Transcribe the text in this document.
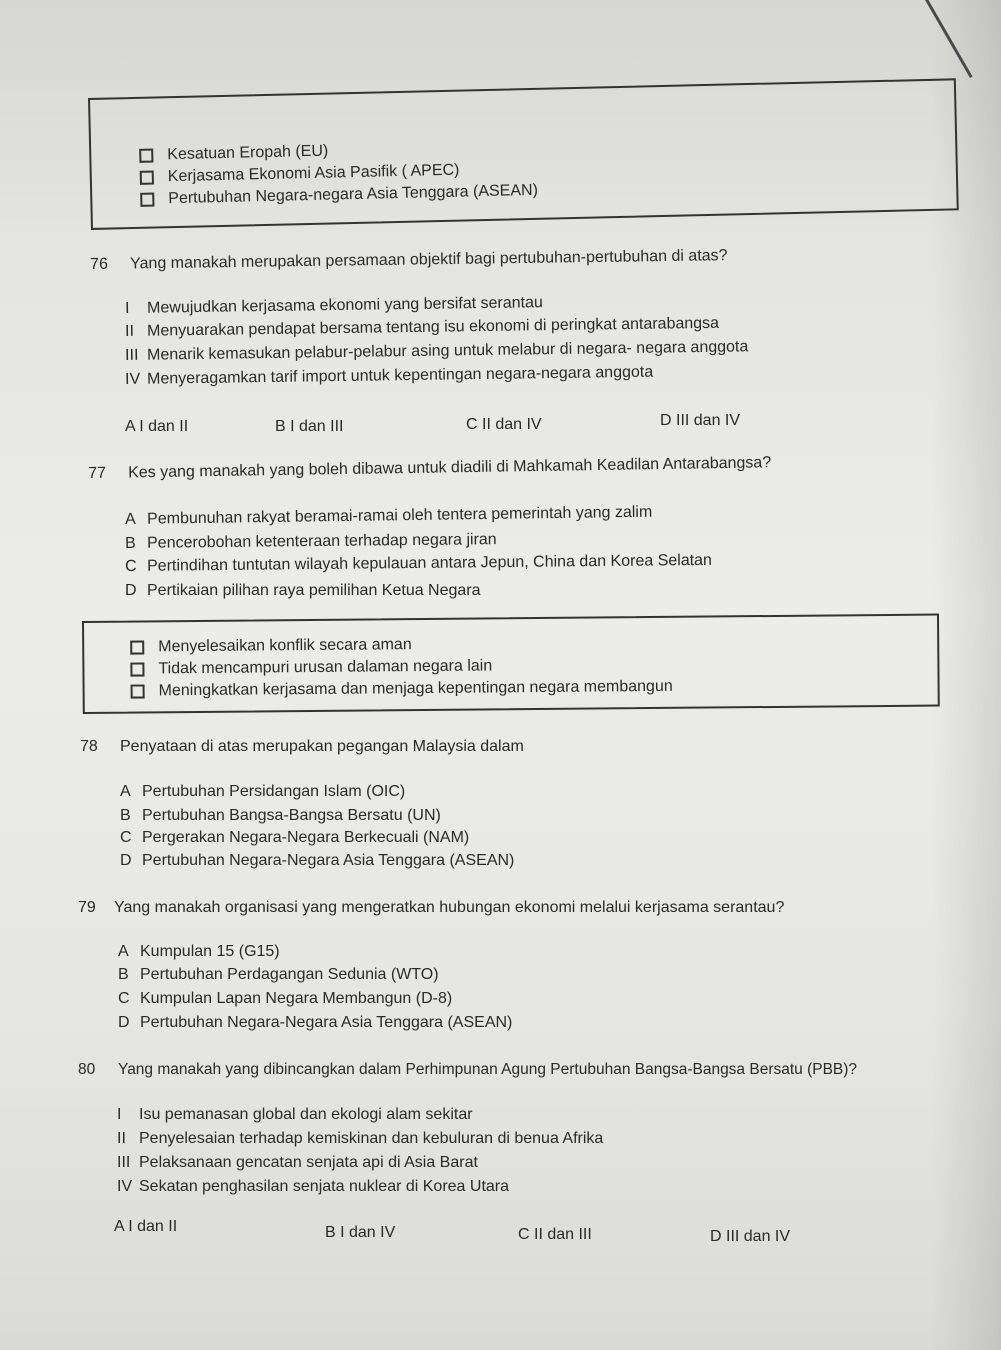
Kesatuan Eropah (EU)
Kerjasama Ekonomi Asia Pasifik ( APEC)
Pertubuhan Negara-negara Asia Tenggara (ASEAN)
76 Yang manakah merupakan persamaan objektif bagi pertubuhan-pertubuhan di atas?
I Mewujudkan kerjasama ekonomi yang bersifat serantau
II Menyuarakan pendapat bersama tentang isu ekonomi di peringkat antarabangsa
III Menarik kemasukan pelabur-pelabur asing untuk melabur di negara- negara anggota
IV Menyeragamkan tarif import untuk kepentingan negara-negara anggota
A I dan II	B I dan III	C II dan IV	D III dan IV
77 Kes yang manakah yang boleh dibawa untuk diadili di Mahkamah Keadilan Antarabangsa?
A Pembunuhan rakyat beramai-ramai oleh tentera pemerintah yang zalim
B Pencerobohan ketenteraan terhadap negara jiran
C Pertindihan tuntutan wilayah kepulauan antara Jepun, China dan Korea Selatan
D Pertikaian pilihan raya pemilihan Ketua Negara
Menyelesaikan konflik secara aman
Tidak mencampuri urusan dalaman negara lain
Meningkatkan kerjasama dan menjaga kepentingan negara membangun
78 Penyataan di atas merupakan pegangan Malaysia dalam
A Pertubuhan Persidangan Islam (OIC)
B Pertubuhan Bangsa-Bangsa Bersatu (UN)
C Pergerakan Negara-Negara Berkecuali (NAM)
D Pertubuhan Negara-Negara Asia Tenggara (ASEAN)
79 Yang manakah organisasi yang mengeratkan hubungan ekonomi melalui kerjasama serantau?
A Kumpulan 15 (G15)
B Pertubuhan Perdagangan Sedunia (WTO)
C Kumpulan Lapan Negara Membangun (D-8)
D Pertubuhan Negara-Negara Asia Tenggara (ASEAN)
80 Yang manakah yang dibincangkan dalam Perhimpunan Agung Pertubuhan Bangsa-Bangsa Bersatu (PBB)?
I Isu pemanasan global dan ekologi alam sekitar
II Penyelesaian terhadap kemiskinan dan kebuluran di benua Afrika
III Pelaksanaan gencatan senjata api di Asia Barat
IV Sekatan penghasilan senjata nuklear di Korea Utara
A I dan II	B I dan IV	C II dan III	D III dan IV
